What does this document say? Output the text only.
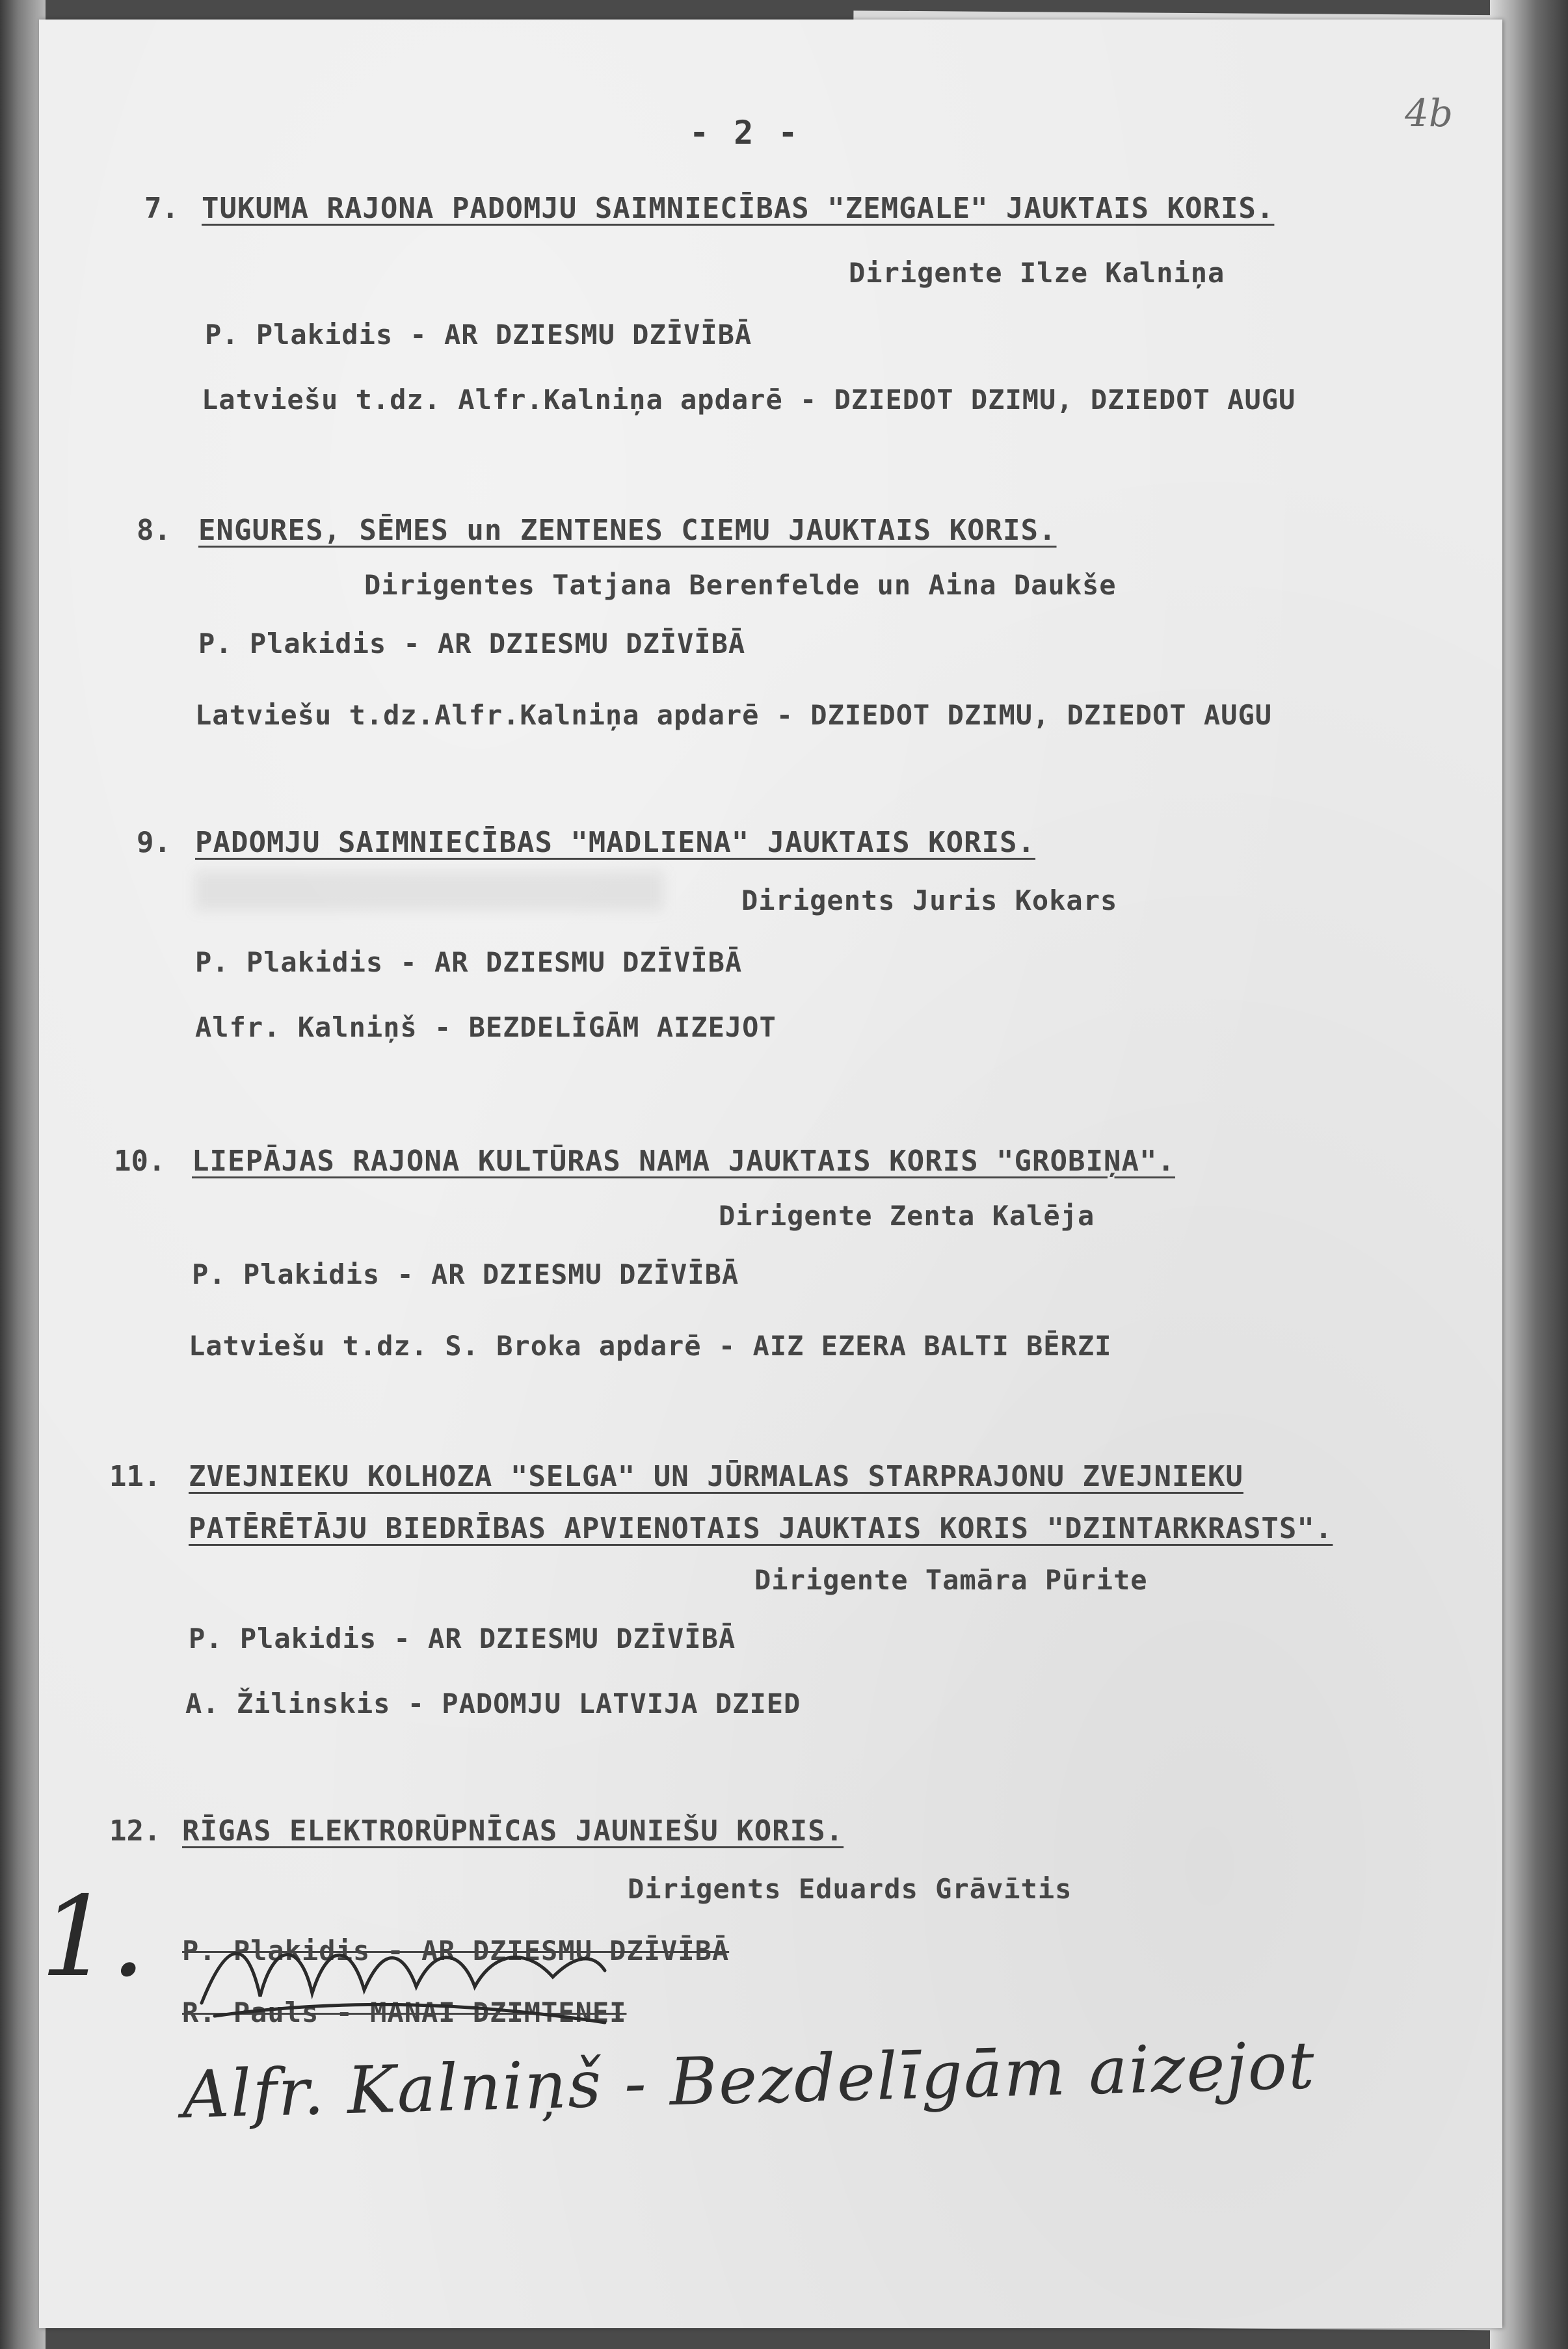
4b
- 2 -
7. TUKUMA RAJONA PADOMJU SAIMNIECĪBAS "ZEMGALE" JAUKTAIS KORIS.
Dirigente Ilze Kalniņa
P. Plakidis - AR DZIESMU DZĪVĪBĀ
Latviešu t.dz. Alfr.Kalniņa apdarē - DZIEDOT DZIMU, DZIEDOT AUGU
8. ENGURES, SĒMES un ZENTENES CIEMU JAUKTAIS KORIS.
Dirigentes Tatjana Berenfelde un Aina Daukše
P. Plakidis - AR DZIESMU DZĪVĪBĀ
Latviešu t.dz.Alfr.Kalniņa apdarē - DZIEDOT DZIMU, DZIEDOT AUGU
9. PADOMJU SAIMNIECĪBAS "MADLIENA" JAUKTAIS KORIS.
Dirigents Juris Kokars
P. Plakidis - AR DZIESMU DZĪVĪBĀ
Alfr. Kalniņš - BEZDELĪGĀM AIZEJOT
10. LIEPĀJAS RAJONA KULTŪRAS NAMA JAUKTAIS KORIS "GROBIŅA".
Dirigente Zenta Kalēja
P. Plakidis - AR DZIESMU DZĪVĪBĀ
Latviešu t.dz. S. Broka apdarē - AIZ EZERA BALTI BĒRZI
11. ZVEJNIEKU KOLHOZA "SELGA" UN JŪRMALAS STARPRAJONU ZVEJNIEKU
PATĒRĒTĀJU BIEDRĪBAS APVIENOTAIS JAUKTAIS KORIS "DZINTARKRASTS".
Dirigente Tamāra Pūrite
P. Plakidis - AR DZIESMU DZĪVĪBĀ
A. Žilinskis - PADOMJU LATVIJA DZIED
12. RĪGAS ELEKTRORŪPNĪCAS JAUNIEŠU KORIS.
Dirigents Eduards Grāvītis
P. Plakidis - AR DZIESMU DZĪVĪBĀ
R. Pauls - MANAI DZIMTENEI
1.
Alfr. Kalniņš - Bezdelīgām aizejot
